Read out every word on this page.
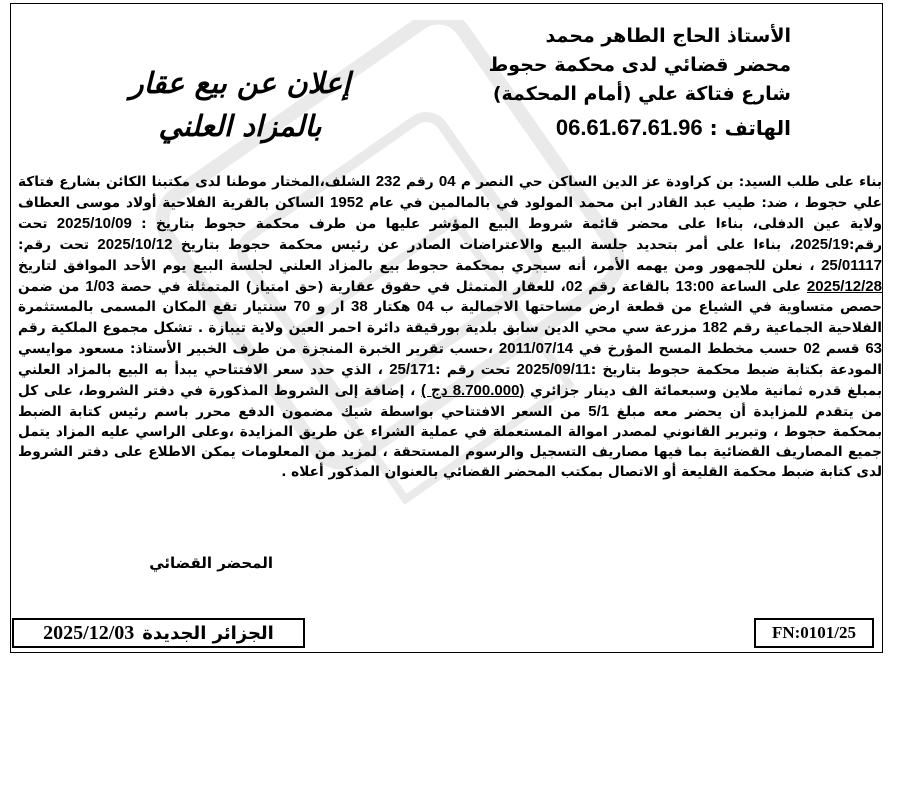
الأستاذ الحاج الطاهر محمد
محضر قضائي لدى محكمة حجوط
شارع فتاكة علي (أمام المحكمة)
الهاتف : 06.61.67.61.96
إعلان عن بيع عقار
بالمزاد العلني
بناء على طلب السيد: بن كراودة عز الدين الساكن حي النصر م 04 رقم 232 الشلف،المختار موطنا لدى مكتبنا الكائن بشارع فتاكة علي حجوط ، ضد: طيب عبد القادر ابن محمد المولود في بالمالمين في عام 1952 الساكن بالقرية الفلاحية أولاد موسى العطاف ولاية عين الدفلى، بناءا على محضر قائمة شروط البيع المؤشر عليها من طرف محكمة حجوط بتاريخ : 2025/10/09 تحت رقم:2025/19، بناءا على أمر بتحديد جلسة البيع والاعتراضات الصادر عن رئيس محكمة حجوط بتاريخ 2025/10/12 تحت رقم: 25/01117 ، نعلن للجمهور ومن يهمه الأمر، أنه سيجري بمحكمة حجوط بيع بالمزاد العلني لجلسة البيع يوم الأحد الموافق لتاريخ 2025/12/28 على الساعة 13:00 بالقاعة رقم 02، للعقار المتمثل في حقوق عقارية (حق امتياز) المتمثلة في حصة 1/03 من ضمن حصص متساوية في الشياع من قطعة ارض مساحتها الاجمالية ب 04 هكتار 38 ار و 70 سنتيار تقع المكان المسمى بالمستثمرة الفلاحية الجماعية رقم 182 مزرعة سي محي الدين سابق بلدية بورقيقة دائرة احمر العين ولاية تيبازة . تشكل مجموع الملكية رقم 63 قسم 02 حسب مخطط المسح المؤرخ في 2011/07/14 ،حسب تقرير الخبرة المنجزة من طرف الخبير الأستاذ: مسعود موايسي المودعة بكتابة ضبط محكمة حجوط بتاريخ :2025/09/11 تحت رقم :25/171 ، الذي حدد سعر الافتتاحي يبدأ به البيع بالمزاد العلني بمبلغ قدره ثمانية ملاين وسبعمائة الف دينار جزائري (8.700.000 دج ) ، إضافة إلى الشروط المذكورة في دفتر الشروط، على كل من يتقدم للمزايدة أن يحضر معه مبلغ 5/1 من السعر الافتتاحي بواسطة شيك مضمون الدفع محرر باسم رئيس كتابة الضبط بمحكمة حجوط ، وتبرير القانوني لمصدر اموالة المستعملة في عملية الشراء عن طريق المزايدة ،وعلى الراسي عليه المزاد يتمل جميع المصاريف القضائية بما فيها مصاريف التسجيل والرسوم المستحقة ، لمزيد من المعلومات يمكن الاطلاع على دفتر الشروط لدى كتابة ضبط محكمة القليعة أو الاتصال بمكتب المحضر القضائي بالعنوان المذكور أعلاه .
المحضر القضائي
الجزائر الجديدة
2025/12/03	FN:0101/25
